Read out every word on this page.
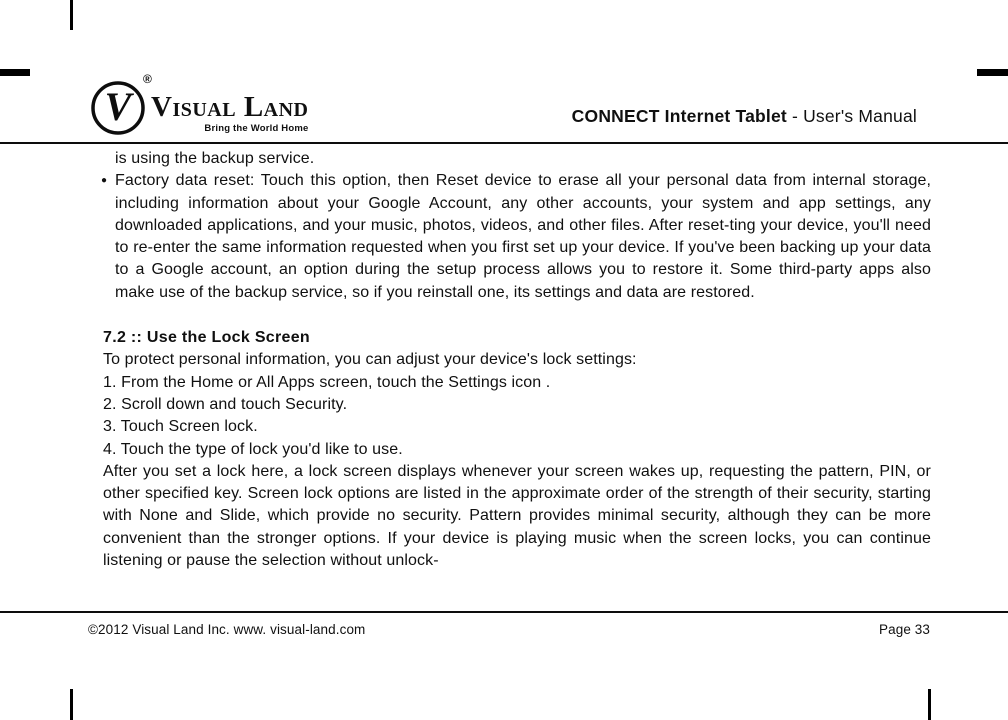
V
®
Visual Land
Bring the World Home
CONNECT Internet Tablet - User's Manual

is using the backup service.

● Factory data reset: Touch this option, then Reset device to erase all your personal data from internal storage, including information about your Google Account, any other accounts, your system and app settings, any downloaded applications, and your music, photos, videos, and other files. After reset-ting your device, you'll need to re-enter the same information requested when you first set up your device. If you've been backing up your data to a Google account, an option during the setup process allows you to restore it. Some third-party apps also make use of the backup service, so if you reinstall one, its settings and data are restored.

7.2 :: Use the Lock Screen

To protect personal information, you can adjust your device's lock settings:

1. From the Home or All Apps screen, touch the Settings icon .

2. Scroll down and touch Security.

3. Touch Screen lock.

4. Touch the type of lock you'd like to use.

After you set a lock here, a lock screen displays whenever your screen wakes up, requesting the pattern, PIN, or other specified key. Screen lock options are listed in the approximate order of the strength of their security, starting with None and Slide, which provide no security. Pattern provides minimal security, although they can be more convenient than the stronger options. If your device is playing music when the screen locks, you can continue listening or pause the selection without unlock-

©2012 Visual Land Inc. www. visual-land.com	Page 33
